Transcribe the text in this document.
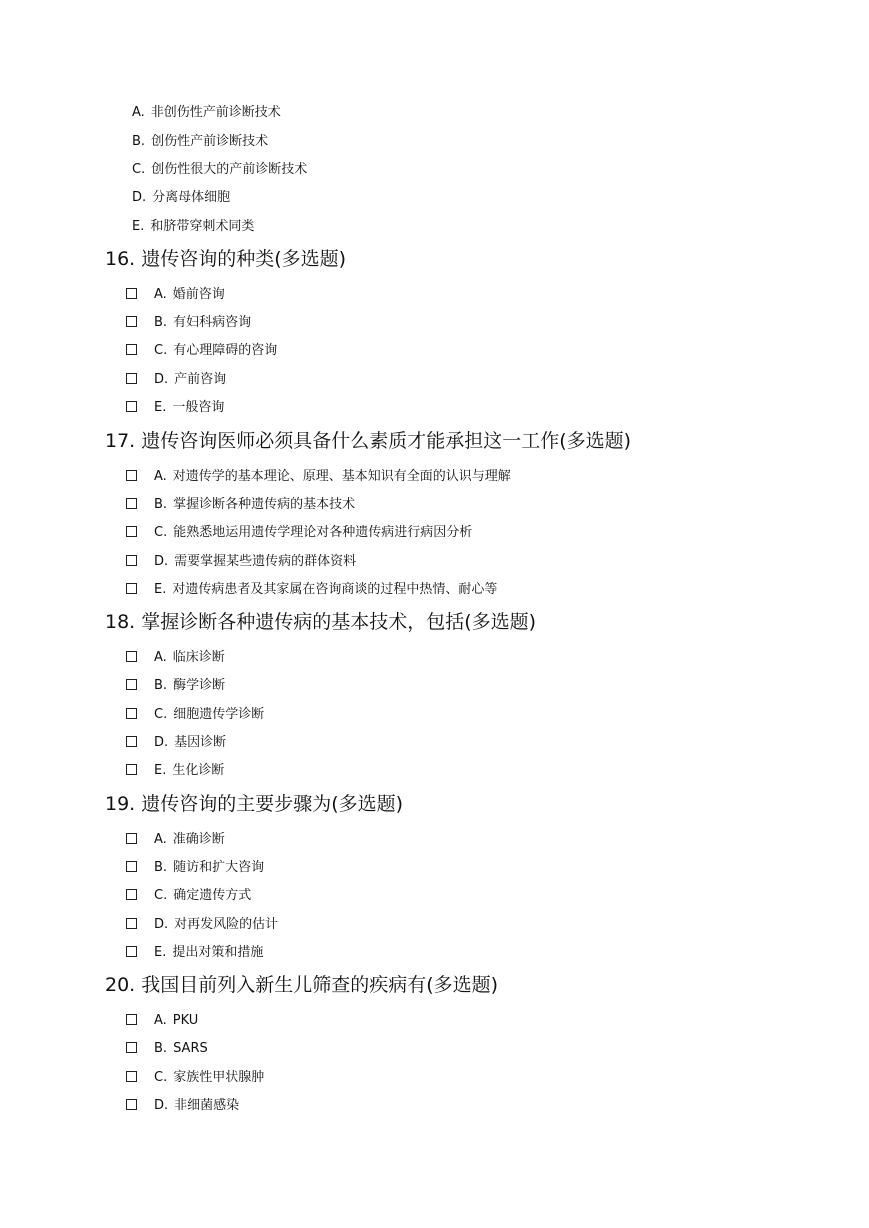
A. 非创伤性产前诊断技术
B. 创伤性产前诊断技术
C. 创伤性很大的产前诊断技术
D. 分离母体细胞
E. 和脐带穿刺术同类
16. 遗传咨询的种类(多选题)
A. 婚前咨询
B. 有妇科病咨询
C. 有心理障碍的咨询
D. 产前咨询
E. 一般咨询
17. 遗传咨询医师必须具备什么素质才能承担这一工作(多选题)
A. 对遗传学的基本理论、原理、基本知识有全面的认识与理解
B. 掌握诊断各种遗传病的基本技术
C. 能熟悉地运用遗传学理论对各种遗传病进行病因分析
D. 需要掌握某些遗传病的群体资料
E. 对遗传病患者及其家属在咨询商谈的过程中热情、耐心等
18. 掌握诊断各种遗传病的基本技术，包括(多选题)
A. 临床诊断
B. 酶学诊断
C. 细胞遗传学诊断
D. 基因诊断
E. 生化诊断
19. 遗传咨询的主要步骤为(多选题)
A. 准确诊断
B. 随访和扩大咨询
C. 确定遗传方式
D. 对再发风险的估计
E. 提出对策和措施
20. 我国目前列入新生儿筛查的疾病有(多选题)
A. PKU
B. SARS
C. 家族性甲状腺肿
D. 非细菌感染
